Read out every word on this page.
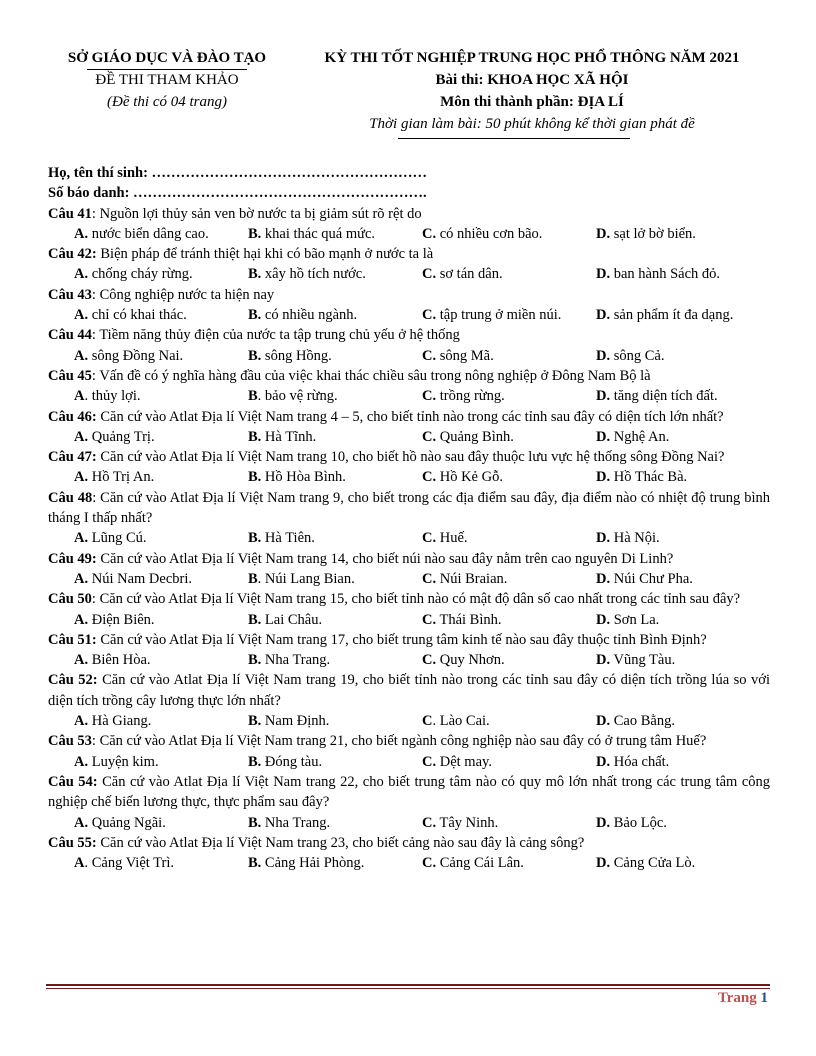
SỞ GIÁO DỤC VÀ ĐÀO TẠO
ĐỀ THI THAM KHẢO
(Đề thi có 04 trang)
KỲ THI TỐT NGHIỆP TRUNG HỌC PHỔ THÔNG NĂM 2021
Bài thi: KHOA HỌC XÃ HỘI
Môn thi thành phần: ĐỊA LÍ
Thời gian làm bài: 50 phút không kể thời gian phát đề
Họ, tên thí sinh: …………………………………………………
Số báo danh: …………………………………………………….

Câu 41: Nguồn lợi thủy sản ven bờ nước ta bị giảm sút rõ rệt do

A. nước biển dâng cao.	B. khai thác quá mức.	C. có nhiều cơn bão.	D. sạt lở bờ biển.

Câu 42: Biện pháp để tránh thiệt hại khi có bão mạnh ở nước ta là

A. chống cháy rừng.	B. xây hồ tích nước.	C. sơ tán dân.	D. ban hành Sách đỏ.

Câu 43: Công nghiệp nước ta hiện nay

A. chỉ có khai thác.	B. có nhiều ngành.	C. tập trung ở miền núi.	D. sản phẩm ít đa dạng.

Câu 44: Tiềm năng thủy điện của nước ta tập trung chủ yếu ở hệ thống

A. sông Đồng Nai.	B. sông Hồng.	C. sông Mã.	D. sông Cả.

Câu 45: Vấn đề có ý nghĩa hàng đầu của việc khai thác chiều sâu trong nông nghiệp ở Đông Nam Bộ là

A. thủy lợi.	B. bảo vệ rừng.	C. trồng rừng.	D. tăng diện tích đất.

Câu 46: Căn cứ vào Atlat Địa lí Việt Nam trang 4 – 5, cho biết tỉnh nào trong các tỉnh sau đây có diện tích lớn nhất?

A. Quảng Trị.	B. Hà Tĩnh.	C. Quảng Bình.	D. Nghệ An.

Câu 47: Căn cứ vào Atlat Địa lí Việt Nam trang 10, cho biết hồ nào sau đây thuộc lưu vực hệ thống sông Đồng Nai?

A. Hồ Trị An.	B. Hồ Hòa Bình.	C. Hồ Kẻ Gỗ.	D. Hồ Thác Bà.

Câu 48: Căn cứ vào Atlat Địa lí Việt Nam trang 9, cho biết trong các địa điểm sau đây, địa điểm nào có nhiệt độ trung bình tháng I thấp nhất?

A. Lũng Cú.	B. Hà Tiên.	C. Huế.	D. Hà Nội.

Câu 49: Căn cứ vào Atlat Địa lí Việt Nam trang 14, cho biết núi nào sau đây nằm trên cao nguyên Di Linh?

A. Núi Nam Decbri.	B. Núi Lang Bian.	C. Núi Braian.	D. Núi Chư Pha.

Câu 50: Căn cứ vào Atlat Địa lí Việt Nam trang 15, cho biết tỉnh nào có mật độ dân số cao nhất trong các tỉnh sau đây?

A. Điện Biên.	B. Lai Châu.	C. Thái Bình.	D. Sơn La.

Câu 51: Căn cứ vào Atlat Địa lí Việt Nam trang 17, cho biết trung tâm kinh tế nào sau đây thuộc tỉnh Bình Định?

A. Biên Hòa.	B. Nha Trang.	C. Quy Nhơn.	D. Vũng Tàu.

Câu 52: Căn cứ vào Atlat Địa lí Việt Nam trang 19, cho biết tỉnh nào trong các tỉnh sau đây có diện tích trồng lúa so với diện tích trồng cây lương thực lớn nhất?

A. Hà Giang.	B. Nam Định.	C. Lào Cai.	D. Cao Bằng.

Câu 53: Căn cứ vào Atlat Địa lí Việt Nam trang 21, cho biết ngành công nghiệp nào sau đây có ở trung tâm Huế?

A. Luyện kim.	B. Đóng tàu.	C. Dệt may.	D. Hóa chất.

Câu 54: Căn cứ vào Atlat Địa lí Việt Nam trang 22, cho biết trung tâm nào có quy mô lớn nhất trong các trung tâm công nghiệp chế biến lương thực, thực phẩm sau đây?

A. Quảng Ngãi.	B. Nha Trang.	C. Tây Ninh.	D. Bảo Lộc.

Câu 55: Căn cứ vào Atlat Địa lí Việt Nam trang 23, cho biết cảng nào sau đây là cảng sông?

A. Cảng Việt Trì.	B. Cảng Hải Phòng.	C. Cảng Cái Lân.	D. Cảng Cửa Lò.
Trang 1
